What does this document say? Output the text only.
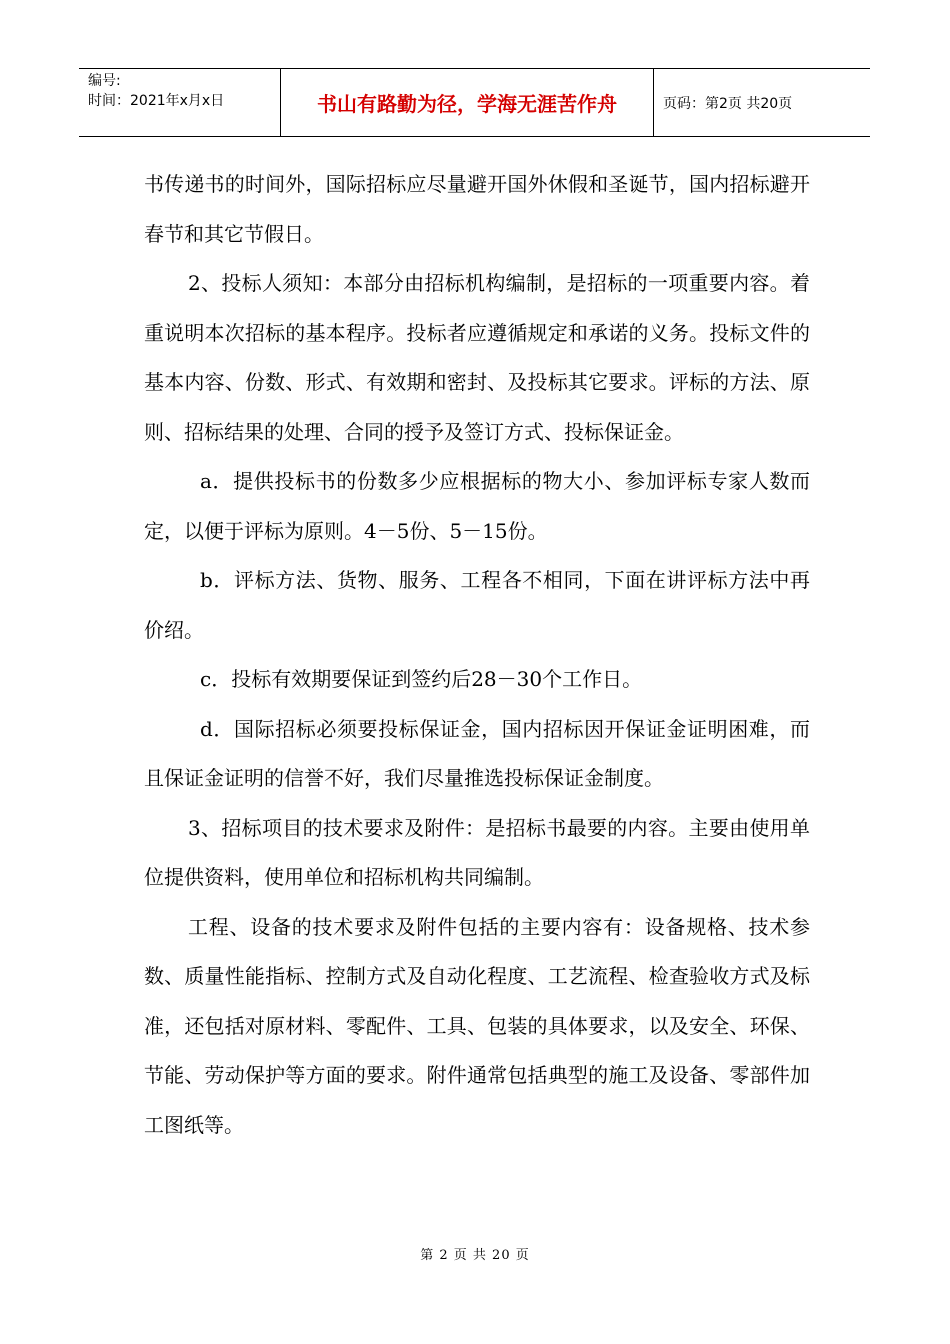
编号:
时间：2021年x月x日	书山有路勤为径，学海无涯苦作舟	页码：第2页 共20页

书传递书的时间外，国际招标应尽量避开国外休假和圣诞节，国内招标避开春节和其它节假日。

2、投标人须知：本部分由招标机构编制，是招标的一项重要内容。着重说明本次招标的基本程序。投标者应遵循规定和承诺的义务。投标文件的基本内容、份数、形式、有效期和密封、及投标其它要求。评标的方法、原则、招标结果的处理、合同的授予及签订方式、投标保证金。

a．提供投标书的份数多少应根据标的物大小、参加评标专家人数而定，以便于评标为原则。4－5份、5－15份。

b．评标方法、货物、服务、工程各不相同，下面在讲评标方法中再价绍。

c．投标有效期要保证到签约后28－30个工作日。

d．国际招标必须要投标保证金，国内招标因开保证金证明困难，而且保证金证明的信誉不好，我们尽量推选投标保证金制度。

3、招标项目的技术要求及附件：是招标书最要的内容。主要由使用单位提供资料，使用单位和招标机构共同编制。

工程、设备的技术要求及附件包括的主要内容有：设备规格、技术参数、质量性能指标、控制方式及自动化程度、工艺流程、检查验收方式及标准，还包括对原材料、零配件、工具、包装的具体要求，以及安全、环保、节能、劳动保护等方面的要求。附件通常包括典型的施工及设备、零部件加工图纸等。

第 2 页 共 20 页
